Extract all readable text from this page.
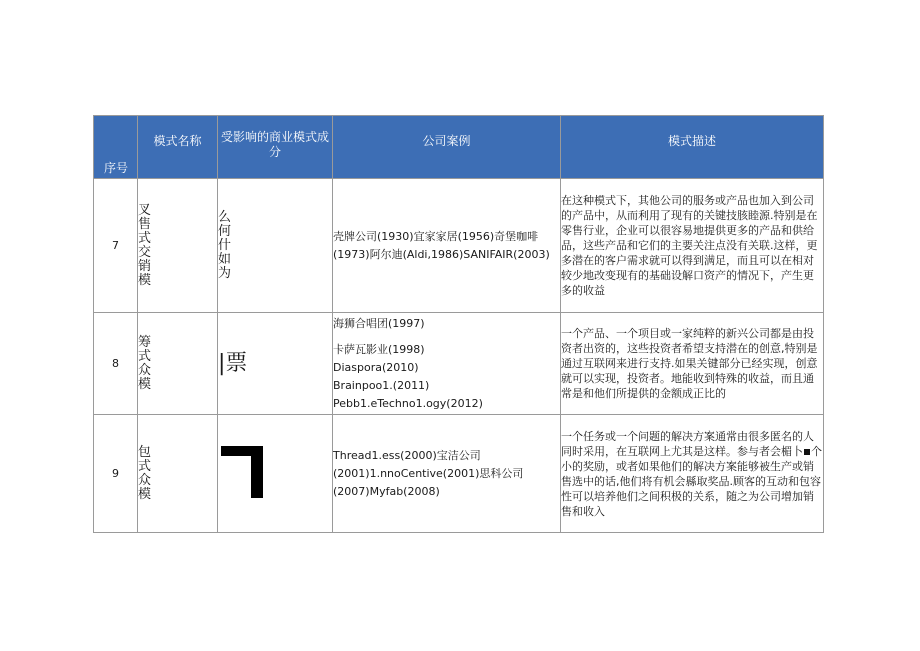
序号	模式名称	受影响的商业模式成分	公司案例	模式描述
7	叉售式交销模	么何什如为	壳牌公司(1930)宜家家居(1956)奇堡咖啡
(1973)阿尔迪(Aldi,1986)SANIFAIR(2003)	在这种模式下，其他公司的服务或产品也加入到公司的产品中，从而利用了现有的关键技胲睦源.特别是在零售行业，企业可以很容易地提供更多的产品和供给品，这些产品和它们的主要关注点没有关联.这样，更多潜在的客户需求就可以得到满足，而且可以在相对较少地改变现有的基础设解口资产的情况下，产生更多的收益

8	筹式众模	|票	海狮合唱团(1997)
卡萨瓦影业(1998)
Diaspora(2010)
Brainpoo1.(2011)
Pebb1.eTechno1.ogy(2012)	一个产品、一个项目或一家纯粹的新兴公司都是由投资者出资的，这些投资者希望支持潜在的创意,特别是通过互联网来进行支持.如果关键部分已经实现，创意就可以实现，投资者。地能收到特殊的收益，而且通常是和他们所提供的金额成正比的

9	包式众模		Thread1.ess(2000)宝洁公司
(2001)1.nnoCentive(2001)思科公司
(2007)Myfab(2008)	一个任务或一个问题的解决方案通常由很多匿名的人同时采用，在互联网上尤其是这样。参与者会楣卜 个小的奖励，或者如果他们的解决方案能够被生产或销售选中的话,他们将有机会縣取奖品.顾客的互动和包容性可以培养他们之间积极的关系，随之为公司增加销售和收入
